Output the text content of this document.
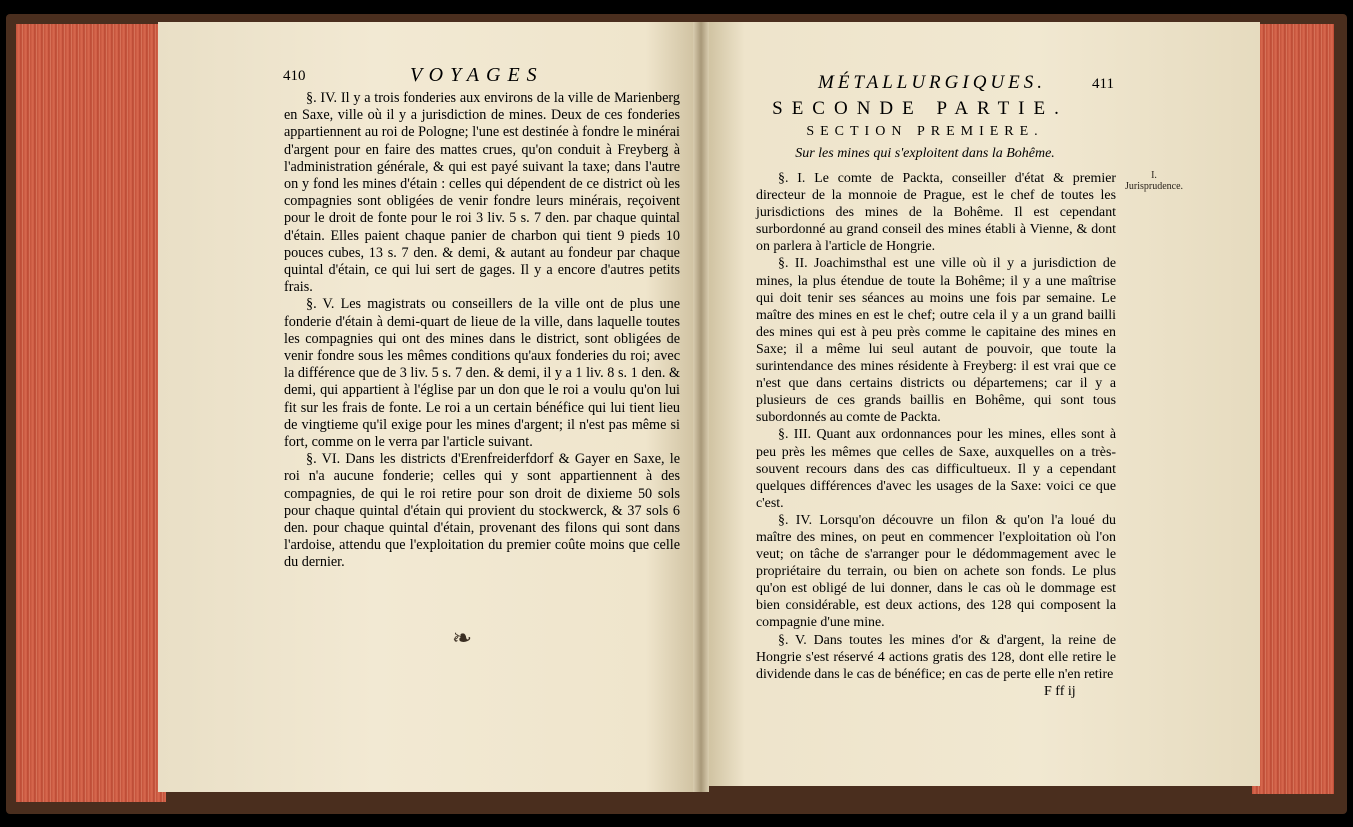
410	VOYAGES

§. IV. Il y a trois fonderies aux environs de la ville de Marienberg en Saxe, ville où il y a jurisdiction de mines. Deux de ces fonderies appartiennent au roi de Pologne; l'une est destinée à fondre le minérai d'argent pour en faire des mattes crues, qu'on conduit à Freyberg à l'administration générale, & qui est payé suivant la taxe; dans l'autre on y fond les mines d'étain : celles qui dépendent de ce district où les compagnies sont obligées de venir fondre leurs minérais, reçoivent pour le droit de fonte pour le roi 3 liv. 5 s. 7 den. par chaque quintal d'étain. Elles paient chaque panier de charbon qui tient 9 pieds 10 pouces cubes, 13 s. 7 den. & demi, & autant au fondeur par chaque quintal d'étain, ce qui lui sert de gages. Il y a encore d'autres petits frais.

§. V. Les magistrats ou conseillers de la ville ont de plus une fonderie d'étain à demi-quart de lieue de la ville, dans laquelle toutes les compagnies qui ont des mines dans le district, sont obligées de venir fondre sous les mêmes conditions qu'aux fonderies du roi; avec la différence que de 3 liv. 5 s. 7 den. & demi, il y a 1 liv. 8 s. 1 den. & demi, qui appartient à l'église par un don que le roi a voulu qu'on lui fit sur les frais de fonte. Le roi a un certain bénéfice qui lui tient lieu de vingtieme qu'il exige pour les mines d'argent; il n'est pas même si fort, comme on le verra par l'article suivant.

§. VI. Dans les districts d'Erenfreiderfdorf & Gayer en Saxe, le roi n'a aucune fonderie; celles qui y sont appartiennent à des compagnies, de qui le roi retire pour son droit de dixieme 50 sols pour chaque quintal d'étain qui provient du stockwerck, & 37 sols 6 den. pour chaque quintal d'étain, provenant des filons qui sont dans l'ardoise, attendu que l'exploitation du premier coûte moins que celle du dernier.

❧
MÉTALLURGIQUES.	411
SECONDE PARTIE.
SECTION PREMIERE.
Sur les mines qui s'exploitent dans la Bohême.
I. Jurisprudence.

§. I. Le comte de Packta, conseiller d'état & premier directeur de la monnoie de Prague, est le chef de toutes les jurisdictions des mines de la Bohême. Il est cependant surbordonné au grand conseil des mines établi à Vienne, & dont on parlera à l'article de Hongrie.

§. II. Joachimsthal est une ville où il y a jurisdiction de mines, la plus étendue de toute la Bohême; il y a une maîtrise qui doit tenir ses séances au moins une fois par semaine. Le maître des mines en est le chef; outre cela il y a un grand bailli des mines qui est à peu près comme le capitaine des mines en Saxe; il a même lui seul autant de pouvoir, que toute la surintendance des mines résidente à Freyberg: il est vrai que ce n'est que dans certains districts ou départemens; car il y a plusieurs de ces grands baillis en Bohême, qui sont tous subordonnés au comte de Packta.

§. III. Quant aux ordonnances pour les mines, elles sont à peu près les mêmes que celles de Saxe, auxquelles on a très-souvent recours dans des cas difficultueux. Il y a cependant quelques différences d'avec les usages de la Saxe: voici ce que c'est.

§. IV. Lorsqu'on découvre un filon & qu'on l'a loué du maître des mines, on peut en commencer l'exploitation où l'on veut; on tâche de s'arranger pour le dédommagement avec le propriétaire du terrain, ou bien on achete son fonds. Le plus qu'on est obligé de lui donner, dans le cas où le dommage est bien considérable, est deux actions, des 128 qui composent la compagnie d'une mine.

§. V. Dans toutes les mines d'or & d'argent, la reine de Hongrie s'est réservé 4 actions gratis des 128, dont elle retire le dividende dans le cas de bénéfice; en cas de perte elle n'en retire

F ff ij
